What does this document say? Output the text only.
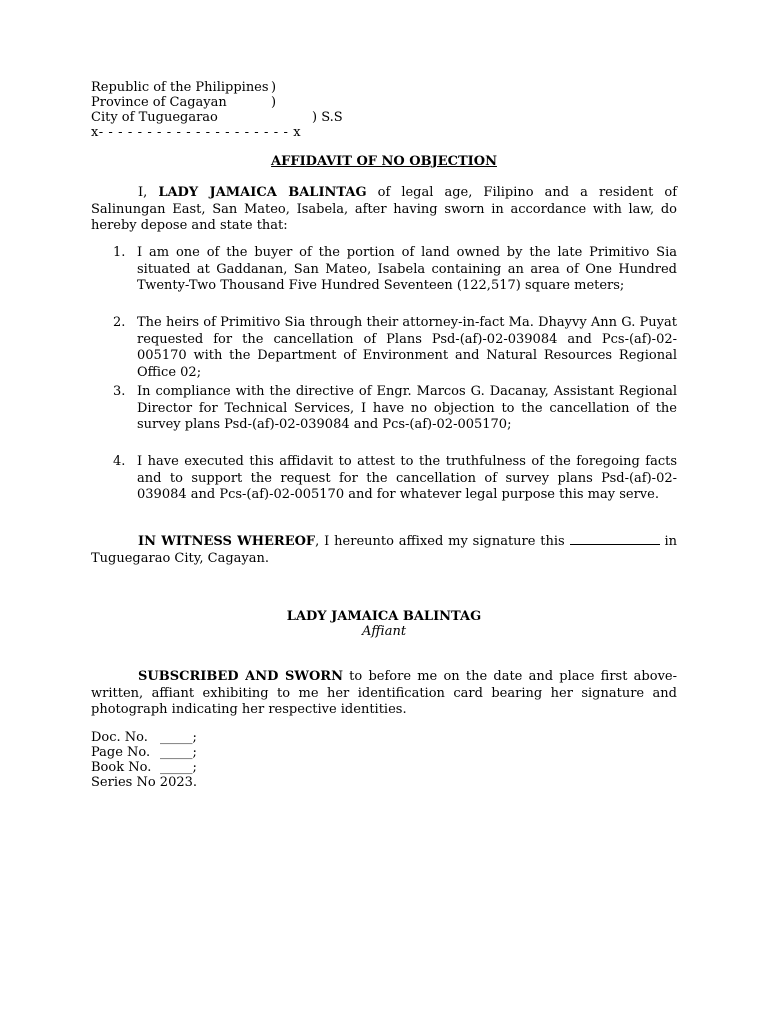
Republic of the Philippines )
Province of Cagayan	)
City of Tuguegarao	) S.S
x- - - - - - - - - - - - - - - - - - - - x
AFFIDAVIT OF NO OBJECTION
I, LADY JAMAICA BALINTAG of legal age, Filipino and a resident of Salinungan East, San Mateo, Isabela, after having sworn in accordance with law, do hereby depose and state that:
1. I am one of the buyer of the portion of land owned by the late Primitivo Sia situated at Gaddanan, San Mateo, Isabela containing an area of One Hundred Twenty-Two Thousand Five Hundred Seventeen (122,517) square meters;
2. The heirs of Primitivo Sia through their attorney-in-fact Ma. Dhayvy Ann G. Puyat requested for the cancellation of Plans Psd-(af)-02-039084 and Pcs-(af)-02-005170 with the Department of Environment and Natural Resources Regional Office 02;
3. In compliance with the directive of Engr. Marcos G. Dacanay, Assistant Regional Director for Technical Services, I have no objection to the cancellation of the survey plans Psd-(af)-02-039084 and Pcs-(af)-02-005170;
4. I have executed this affidavit to attest to the truthfulness of the foregoing facts and to support the request for the cancellation of survey plans Psd-(af)-02-039084 and Pcs-(af)-02-005170 and for whatever legal purpose this may serve.
IN WITNESS WHEREOF, I hereunto affixed my signature this	in Tuguegarao City, Cagayan.
LADY JAMAICA BALINTAG
Affiant
SUBSCRIBED AND SWORN to before me on the date and place first above-written, affiant exhibiting to me her identification card bearing her signature and photograph indicating her respective identities.
Doc. No. _____;
Page No. _____;
Book No. _____;
Series No 2023.
